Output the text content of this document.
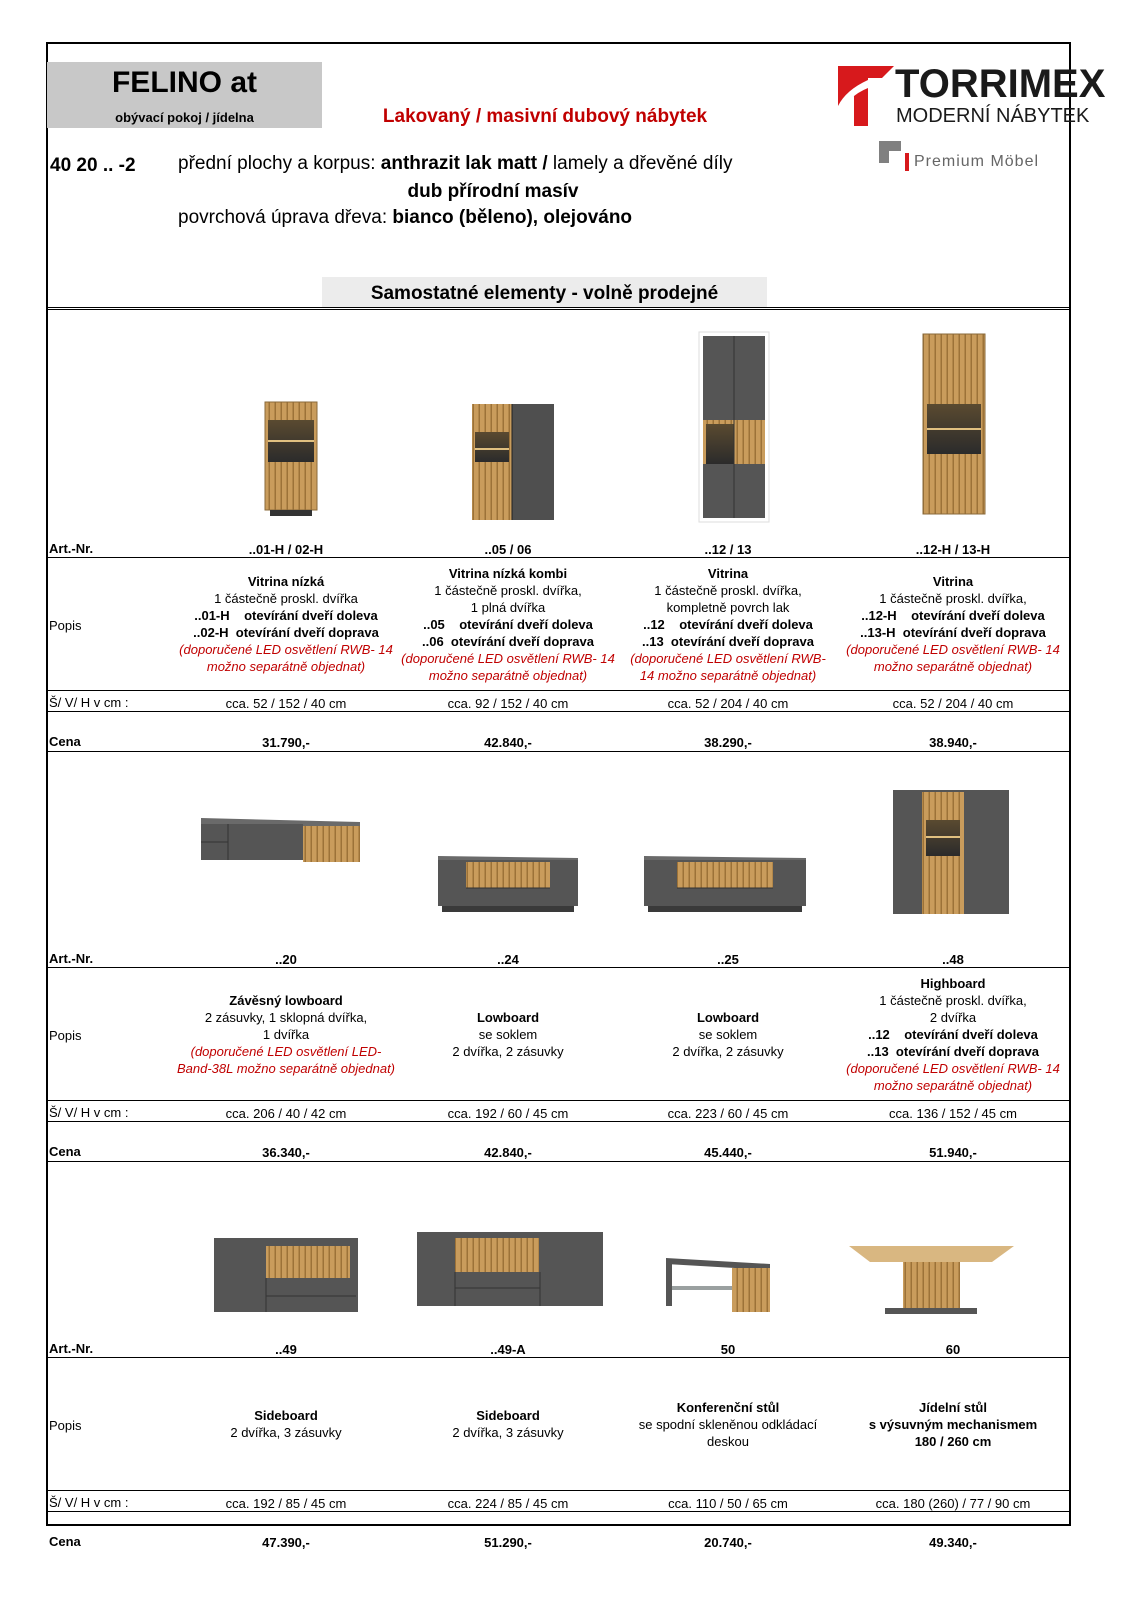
FELINO at
obývací pokoj / jídelna	Lakovaný / masivní dubový nábytek
TORRIMEX
MODERNÍ NÁBYTEK
Premium Möbel
40 20 .. -2 přední plochy a korpus: anthrazit lak matt / lamely a dřevěné díly
dub přírodní masív
povrchová úprava dřeva: bianco (běleno), olejováno
Samostatné elementy - volně prodejné
Art.-Nr.
Popis
Š/ V/ H v cm :
Cena
..01-H / 02-H
Vitrina nízká
1 částečně proskl. dvířka
..01-H    otevírání dveří doleva
..02-H  otevírání dveří doprava
(doporučené LED osvětlení RWB- 14
možno separátně objednat)
cca. 52 / 152 / 40 cm
31.790,-
..05 / 06
Vitrina nízká kombi
1 částečně proskl. dvířka,
1 plná dvířka
..05    otevírání dveří doleva
..06  otevírání dveří doprava
(doporučené LED osvětlení RWB- 14
možno separátně objednat)
cca. 92 / 152 / 40 cm
42.840,-
..12 / 13
Vitrina
1 částečně proskl. dvířka,
kompletně povrch lak
..12    otevírání dveří doleva
..13  otevírání dveří doprava
(doporučené LED osvětlení RWB-
14 možno separátně objednat)
cca. 52 / 204 / 40 cm
38.290,-
..12-H / 13-H
Vitrina
1 částečně proskl. dvířka,
..12-H    otevírání dveří doleva
..13-H  otevírání dveří doprava
(doporučené LED osvětlení RWB- 14
možno separátně objednat)
cca. 52 / 204 / 40 cm
38.940,-
Art.-Nr.
Popis
Š/ V/ H v cm :
Cena
..20
Závěsný lowboard
2 zásuvky, 1 sklopná dvířka,
1 dvířka
(doporučené LED osvětlení LED-
Band-38L možno separátně objednat)
cca. 206 / 40 / 42 cm
36.340,-
..24
Lowboard
se soklem
2 dvířka, 2 zásuvky
cca. 192 / 60 / 45 cm
42.840,-
..25
Lowboard
se soklem
2 dvířka, 2 zásuvky
cca. 223 / 60 / 45 cm
45.440,-
..48
Highboard
1 částečně proskl. dvířka,
2 dvířka
..12    otevírání dveří doleva
..13  otevírání dveří doprava
(doporučené LED osvětlení RWB- 14
možno separátně objednat)
cca. 136 / 152 / 45 cm
51.940,-
Art.-Nr.
Popis
Š/ V/ H v cm :
Cena
..49
Sideboard
2 dvířka, 3 zásuvky
cca. 192 / 85 / 45 cm
47.390,-
..49-A
Sideboard
2 dvířka, 3 zásuvky
cca. 224 / 85 / 45 cm
51.290,-
50
Konferenční stůl
se spodní skleněnou odkládací
deskou
cca. 110 / 50 / 65 cm
20.740,-
60
Jídelní stůl
s výsuvným mechanismem
180 / 260 cm
cca. 180 (260) / 77 / 90 cm
49.340,-
